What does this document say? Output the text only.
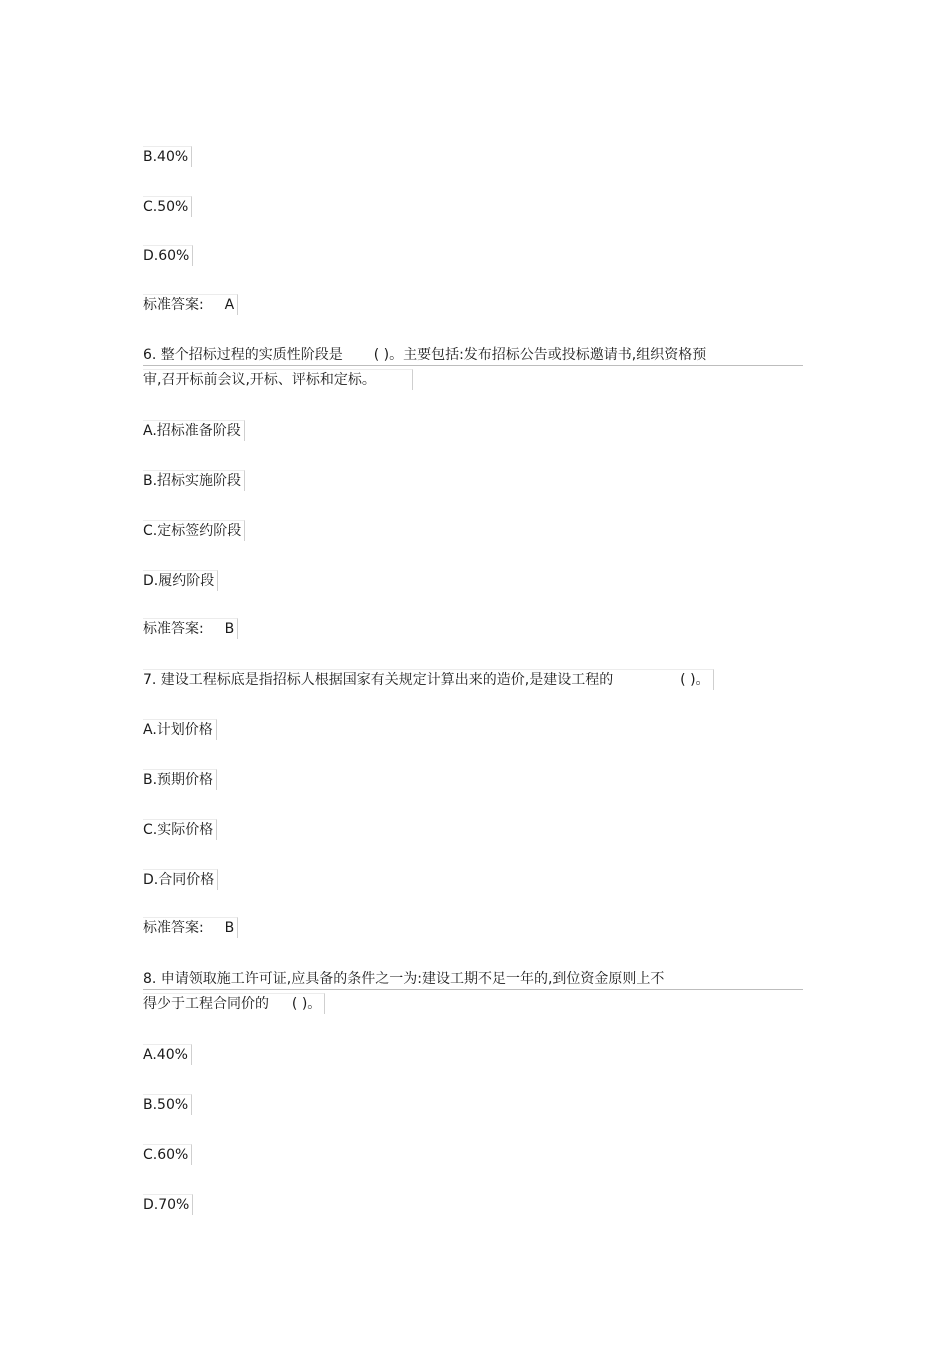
B.40%
C.50%
D.60%
标准答案: A
6. 整个招标过程的实质性阶段是 ( )。主要包括:发布招标公告或投标邀请书,组织资格预
审,召开标前会议,开标、评标和定标。
A.招标准备阶段
B.招标实施阶段
C.定标签约阶段
D.履约阶段
标准答案: B
7. 建设工程标底是指招标人根据国家有关规定计算出来的造价,是建设工程的	( )。
A.计划价格
B.预期价格
C.实际价格
D.合同价格
标准答案: B
8. 申请领取施工许可证,应具备的条件之一为:建设工期不足一年的,到位资金原则上不
得少于工程合同价的 ( )。
A.40%
B.50%
C.60%
D.70%
